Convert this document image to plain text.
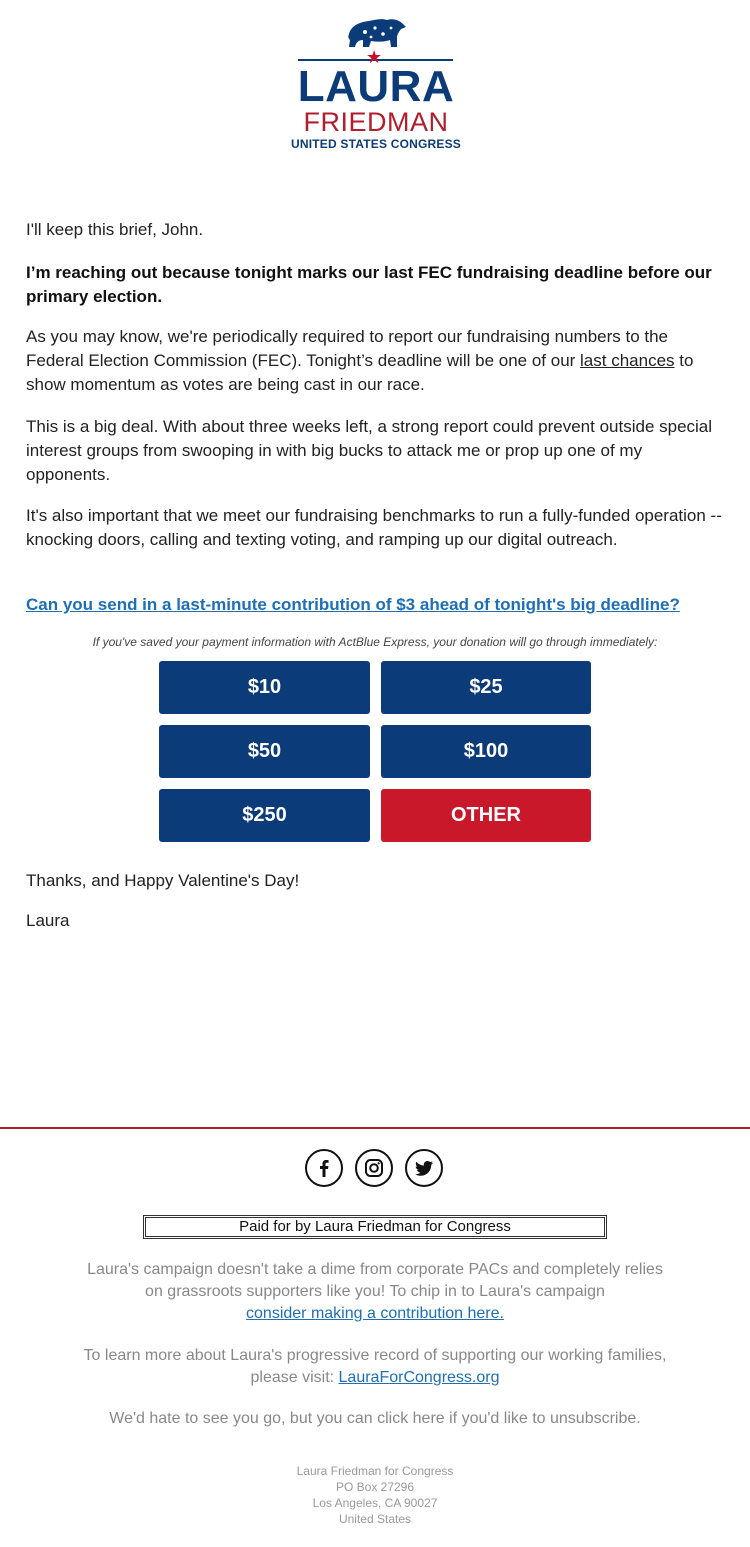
★
LAURA
FRIEDMAN
UNITED STATES CONGRESS

I'll keep this brief, John.

I’m reaching out because tonight marks our last FEC fundraising deadline before our primary election.

As you may know, we're periodically required to report our fundraising numbers to the Federal Election Commission (FEC). Tonight’s deadline will be one of our last chances to show momentum as votes are being cast in our race.

This is a big deal. With about three weeks left, a strong report could prevent outside special interest groups from swooping in with big bucks to attack me or prop up one of my opponents.

It's also important that we meet our fundraising benchmarks to run a fully-funded operation -- knocking doors, calling and texting voting, and ramping up our digital outreach.

Can you send in a last-minute contribution of $3 ahead of tonight's big deadline?
If you've saved your payment information with ActBlue Express, your donation will go through immediately:
$10	$25
$50	$100
$250	OTHER

Thanks, and Happy Valentine's Day!

Laura

Paid for by Laura Friedman for Congress
Laura's campaign doesn't take a dime from corporate PACs and completely relies on grassroots supporters like you! To chip in to Laura's campaign
consider making a contribution here.
To learn more about Laura's progressive record of supporting our working families, please visit: LauraForCongress.org
We'd hate to see you go, but you can click here if you'd like to unsubscribe.
Laura Friedman for Congress
PO Box 27296
Los Angeles, CA 90027
United States
